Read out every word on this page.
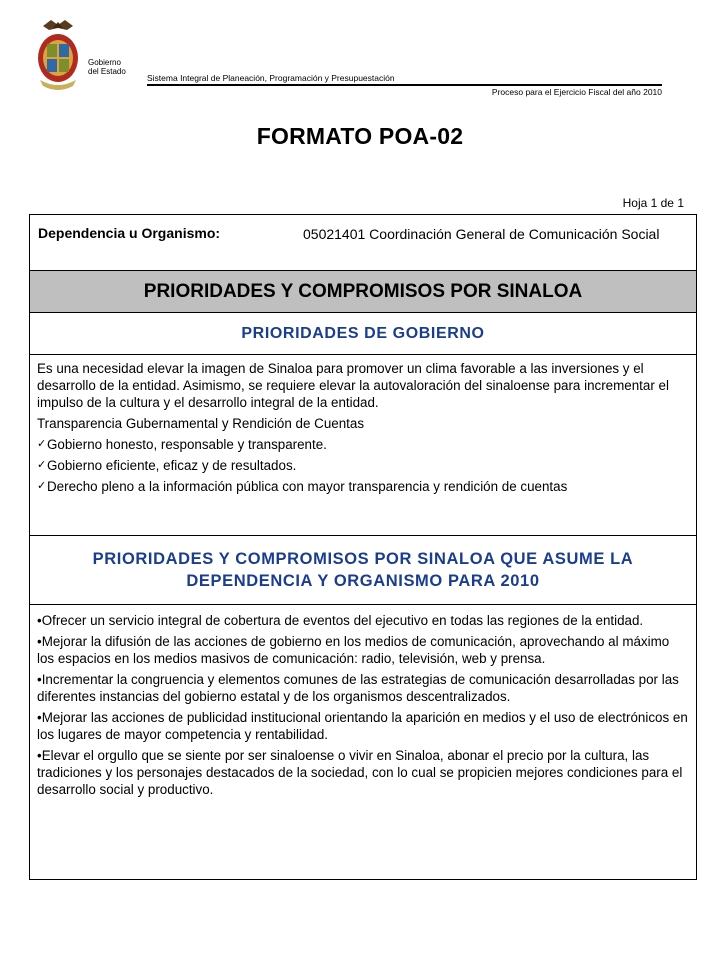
Gobierno
del Estado
Sistema Integral de Planeación, Programación y Presupuestación
Proceso para el Ejercicio Fiscal del año 2010
FORMATO POA-02
Hoja 1 de 1
Dependencia u Organismo:	05021401 Coordinación General de Comunicación Social
PRIORIDADES Y COMPROMISOS POR SINALOA
PRIORIDADES DE GOBIERNO

Es una necesidad elevar la imagen de Sinaloa para promover un clima favorable a las inversiones y el desarrollo de la entidad. Asimismo, se requiere elevar la autovaloración del sinaloense para incrementar el impulso de la cultura y el desarrollo integral de la entidad.

Transparencia Gubernamental y Rendición de Cuentas

✓ Gobierno honesto, responsable y transparente.
✓ Gobierno eficiente, eficaz y de resultados.
✓ Derecho pleno a la información pública con mayor transparencia y rendición de cuentas
PRIORIDADES Y COMPROMISOS POR SINALOA QUE ASUME LA DEPENDENCIA Y ORGANISMO PARA 2010
•Ofrecer un servicio integral de cobertura de eventos del ejecutivo en todas las regiones de la entidad.
•Mejorar la difusión de las acciones de gobierno en los medios de comunicación, aprovechando al máximo los espacios en los medios masivos de comunicación: radio, televisión, web y prensa.
•Incrementar la congruencia y elementos comunes de las estrategias de comunicación desarrolladas por las diferentes instancias del gobierno estatal y de los organismos descentralizados.
•Mejorar las acciones de publicidad institucional orientando la aparición en medios y el uso de electrónicos en los lugares de mayor competencia y rentabilidad.
•Elevar el orgullo que se siente por ser sinaloense o vivir en Sinaloa, abonar el precio por la cultura, las tradiciones y los personajes destacados de la sociedad, con lo cual se propicien mejores condiciones para el desarrollo social y productivo.
